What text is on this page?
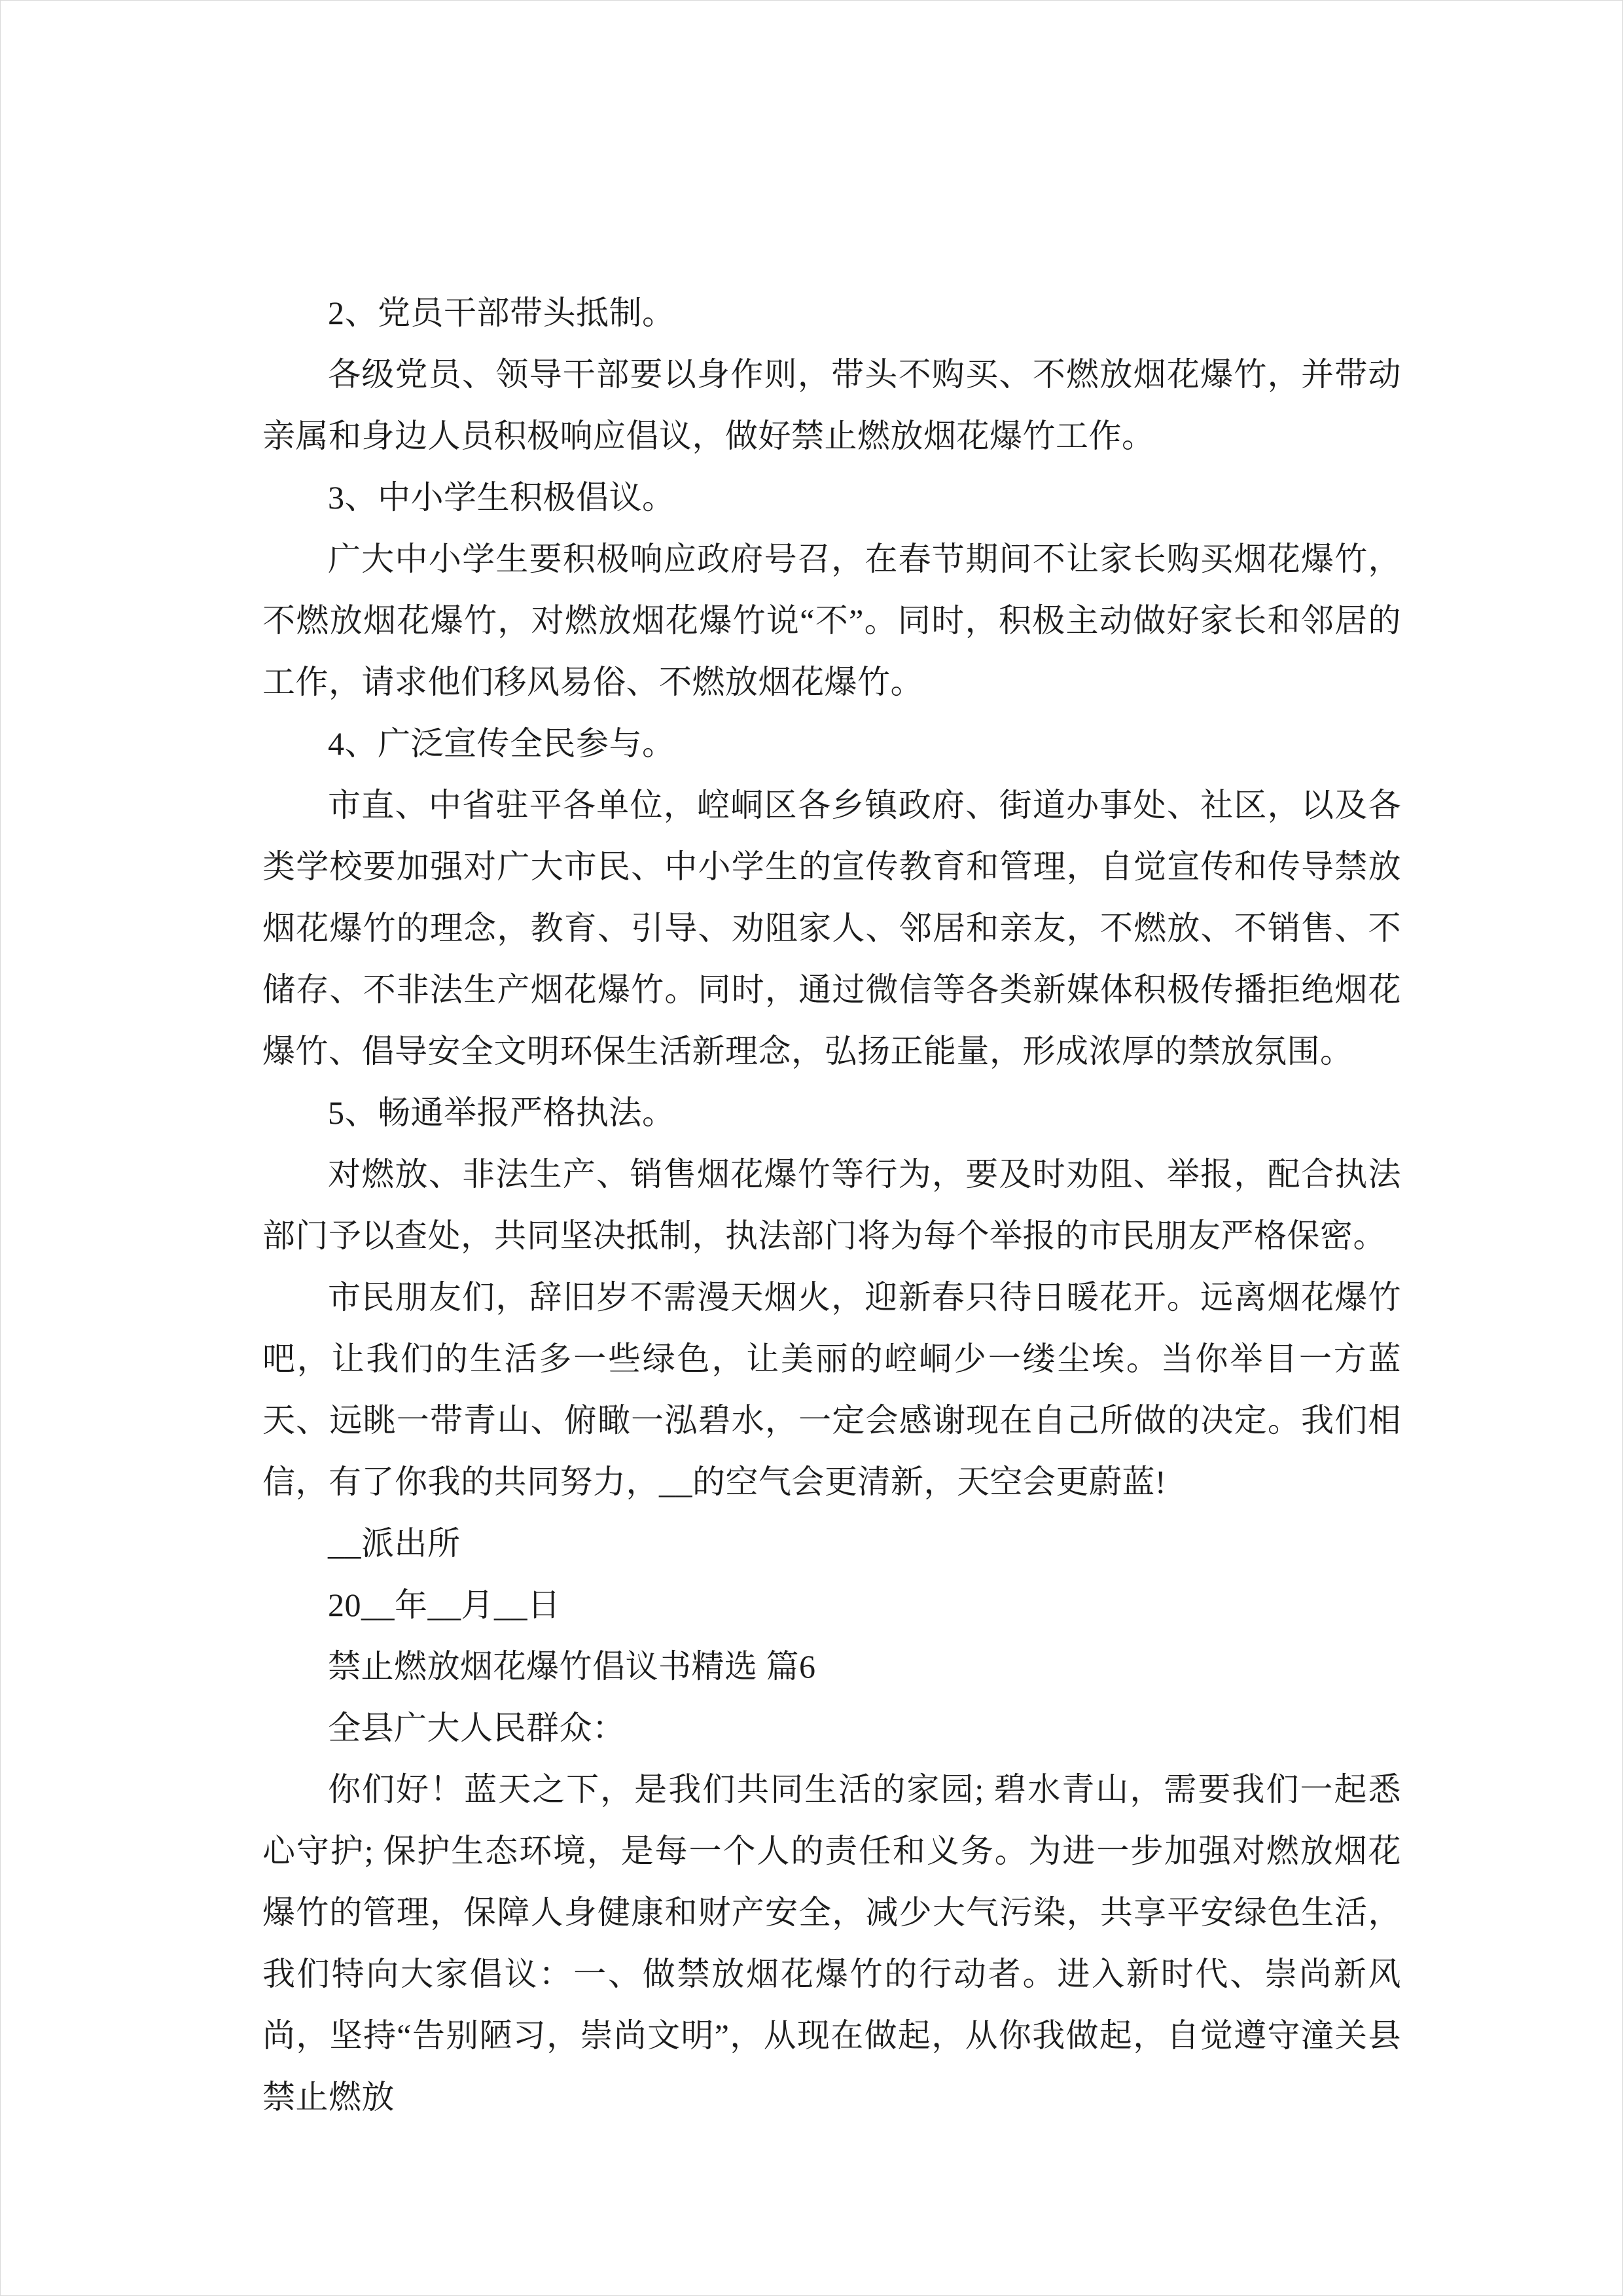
2、党员干部带头抵制。

各级党员、领导干部要以身作则，带头不购买、不燃放烟花爆竹，并带动亲属和身边人员积极响应倡议，做好禁止燃放烟花爆竹工作。

3、中小学生积极倡议。

广大中小学生要积极响应政府号召，在春节期间不让家长购买烟花爆竹，不燃放烟花爆竹，对燃放烟花爆竹说“不”。同时，积极主动做好家长和邻居的工作，请求他们移风易俗、不燃放烟花爆竹。

4、广泛宣传全民参与。

市直、中省驻平各单位，崆峒区各乡镇政府、街道办事处、社区，以及各类学校要加强对广大市民、中小学生的宣传教育和管理，自觉宣传和传导禁放烟花爆竹的理念，教育、引导、劝阻家人、邻居和亲友，不燃放、不销售、不储存、不非法生产烟花爆竹。同时，通过微信等各类新媒体积极传播拒绝烟花爆竹、倡导安全文明环保生活新理念，弘扬正能量，形成浓厚的禁放氛围。

5、畅通举报严格执法。

对燃放、非法生产、销售烟花爆竹等行为，要及时劝阻、举报，配合执法部门予以查处，共同坚决抵制，执法部门将为每个举报的市民朋友严格保密。

市民朋友们，辞旧岁不需漫天烟火，迎新春只待日暖花开。远离烟花爆竹吧，让我们的生活多一些绿色，让美丽的崆峒少一缕尘埃。当你举目一方蓝天、远眺一带青山、俯瞰一泓碧水，一定会感谢现在自己所做的决定。我们相信，有了你我的共同努力，__的空气会更清新，天空会更蔚蓝!

__派出所

20__年__月__日

禁止燃放烟花爆竹倡议书精选 篇6

全县广大人民群众：

你们好！蓝天之下，是我们共同生活的家园; 碧水青山，需要我们一起悉心守护; 保护生态环境，是每一个人的责任和义务。为进一步加强对燃放烟花爆竹的管理，保障人身健康和财产安全，减少大气污染，共享平安绿色生活，我们特向大家倡议：一、做禁放烟花爆竹的行动者。进入新时代、崇尚新风尚，坚持“告别陋习，崇尚文明”，从现在做起，从你我做起，自觉遵守潼关县禁止燃放
